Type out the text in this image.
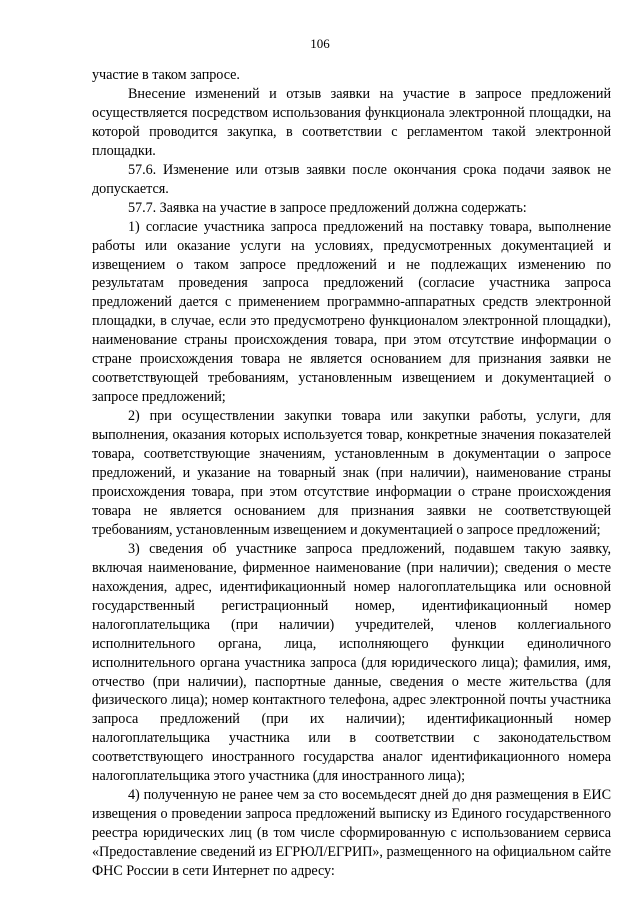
106

участие в таком запросе.

Внесение изменений и отзыв заявки на участие в запросе предложений осуществляется посредством использования функционала электронной площадки, на которой проводится закупка, в соответствии с регламентом такой электронной площадки.

57.6. Изменение или отзыв заявки после окончания срока подачи заявок не допускается.

57.7. Заявка на участие в запросе предложений должна содержать:

1) согласие участника запроса предложений на поставку товара, выполнение работы или оказание услуги на условиях, предусмотренных документацией и извещением о таком запросе предложений и не подлежащих изменению по результатам проведения запроса предложений (согласие участника запроса предложений дается с применением программно-аппаратных средств электронной площадки, в случае, если это предусмотрено функционалом электронной площадки), наименование страны происхождения товара, при этом отсутствие информации о стране происхождения товара не является основанием для признания заявки не соответствующей требованиям, установленным извещением и документацией о запросе предложений;

2) при осуществлении закупки товара или закупки работы, услуги, для выполнения, оказания которых используется товар, конкретные значения показателей товара, соответствующие значениям, установленным в документации о запросе предложений, и указание на товарный знак (при наличии), наименование страны происхождения товара, при этом отсутствие информации о стране происхождения товара не является основанием для признания заявки не соответствующей требованиям, установленным извещением и документацией о запросе предложений;

3) сведения об участнике запроса предложений, подавшем такую заявку, включая наименование, фирменное наименование (при наличии); сведения о месте нахождения, адрес, идентификационный номер налогоплательщика или основной государственный регистрационный номер, идентификационный номер налогоплательщика (при наличии) учредителей, членов коллегиального исполнительного органа, лица, исполняющего функции единоличного исполнительного органа участника запроса (для юридического лица); фамилия, имя, отчество (при наличии), паспортные данные, сведения о месте жительства (для физического лица); номер контактного телефона, адрес электронной почты участника запроса предложений (при их наличии); идентификационный номер налогоплательщика участника или в соответствии с законодательством соответствующего иностранного государства аналог идентификационного номера налогоплательщика этого участника (для иностранного лица);

4) полученную не ранее чем за сто восемьдесят дней до дня размещения в ЕИС извещения о проведении запроса предложений выписку из Единого государственного реестра юридических лиц (в том числе сформированную с использованием сервиса «Предоставление сведений из ЕГРЮЛ/ЕГРИП», размещенного на официальном сайте ФНС России в сети Интернет по адресу:
